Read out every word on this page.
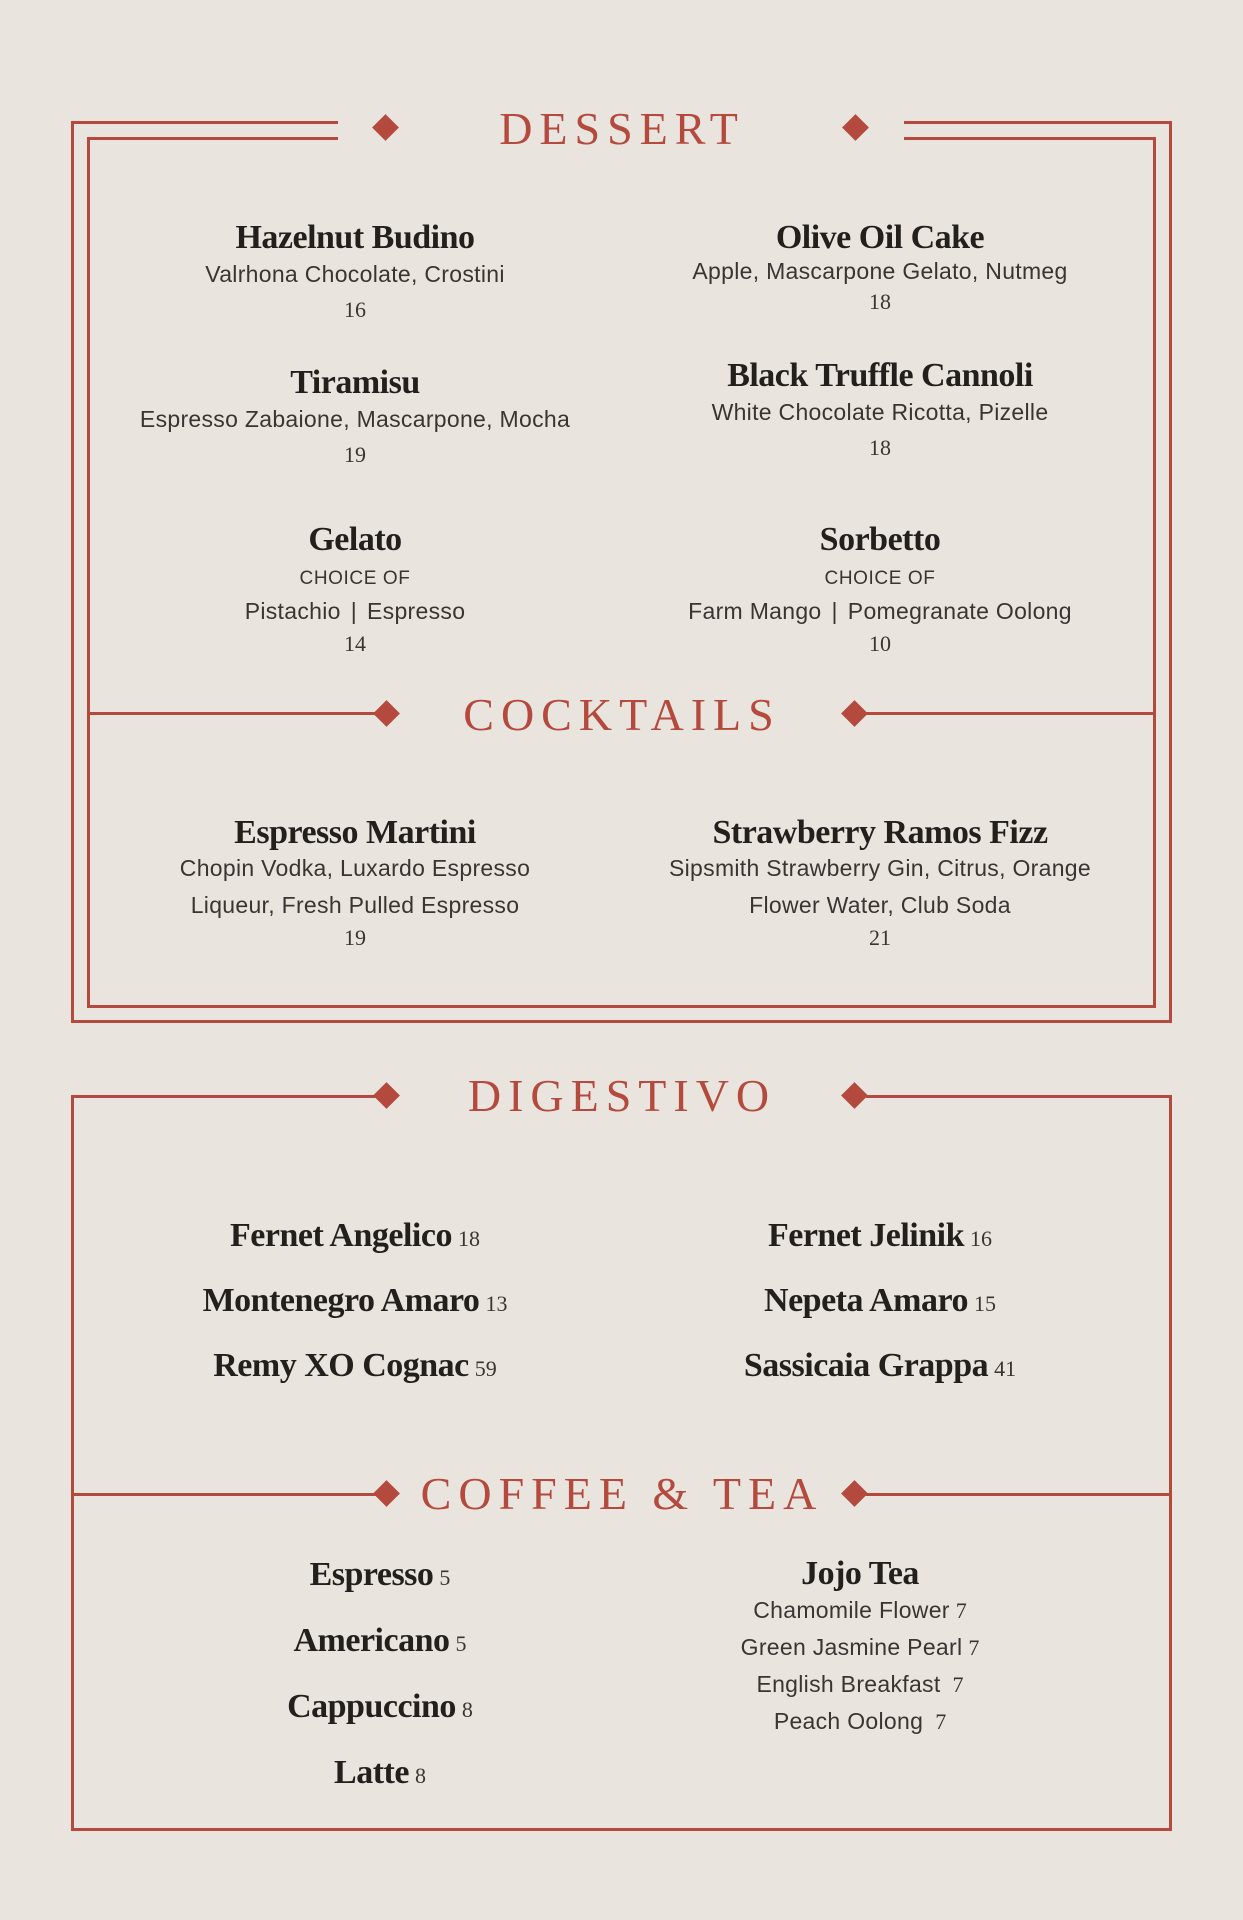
DESSERT
Hazelnut Budino
Valrhona Chocolate, Crostini
16
Olive Oil Cake
Apple, Mascarpone Gelato, Nutmeg
18
Tiramisu
Espresso Zabaione, Mascarpone, Mocha
19
Black Truffle Cannoli
White Chocolate Ricotta, Pizelle
18
Gelato
CHOICE OF
Pistachio | Espresso
14
Sorbetto
CHOICE OF
Farm Mango | Pomegranate Oolong
10
COCKTAILS
Espresso Martini
Chopin Vodka, Luxardo Espresso
Liqueur, Fresh Pulled Espresso
19
Strawberry Ramos Fizz
Sipsmith Strawberry Gin, Citrus, Orange
Flower Water, Club Soda
21
DIGESTIVO
Fernet Angelico 18
Montenegro Amaro 13
Remy XO Cognac 59
Fernet Jelinik 16
Nepeta Amaro 15
Sassicaia Grappa 41
COFFEE & TEA
Espresso 5
Americano 5
Cappuccino 8
Latte 8
Jojo Tea
Chamomile Flower 7
Green Jasmine Pearl 7
English Breakfast 7
Peach Oolong 7
